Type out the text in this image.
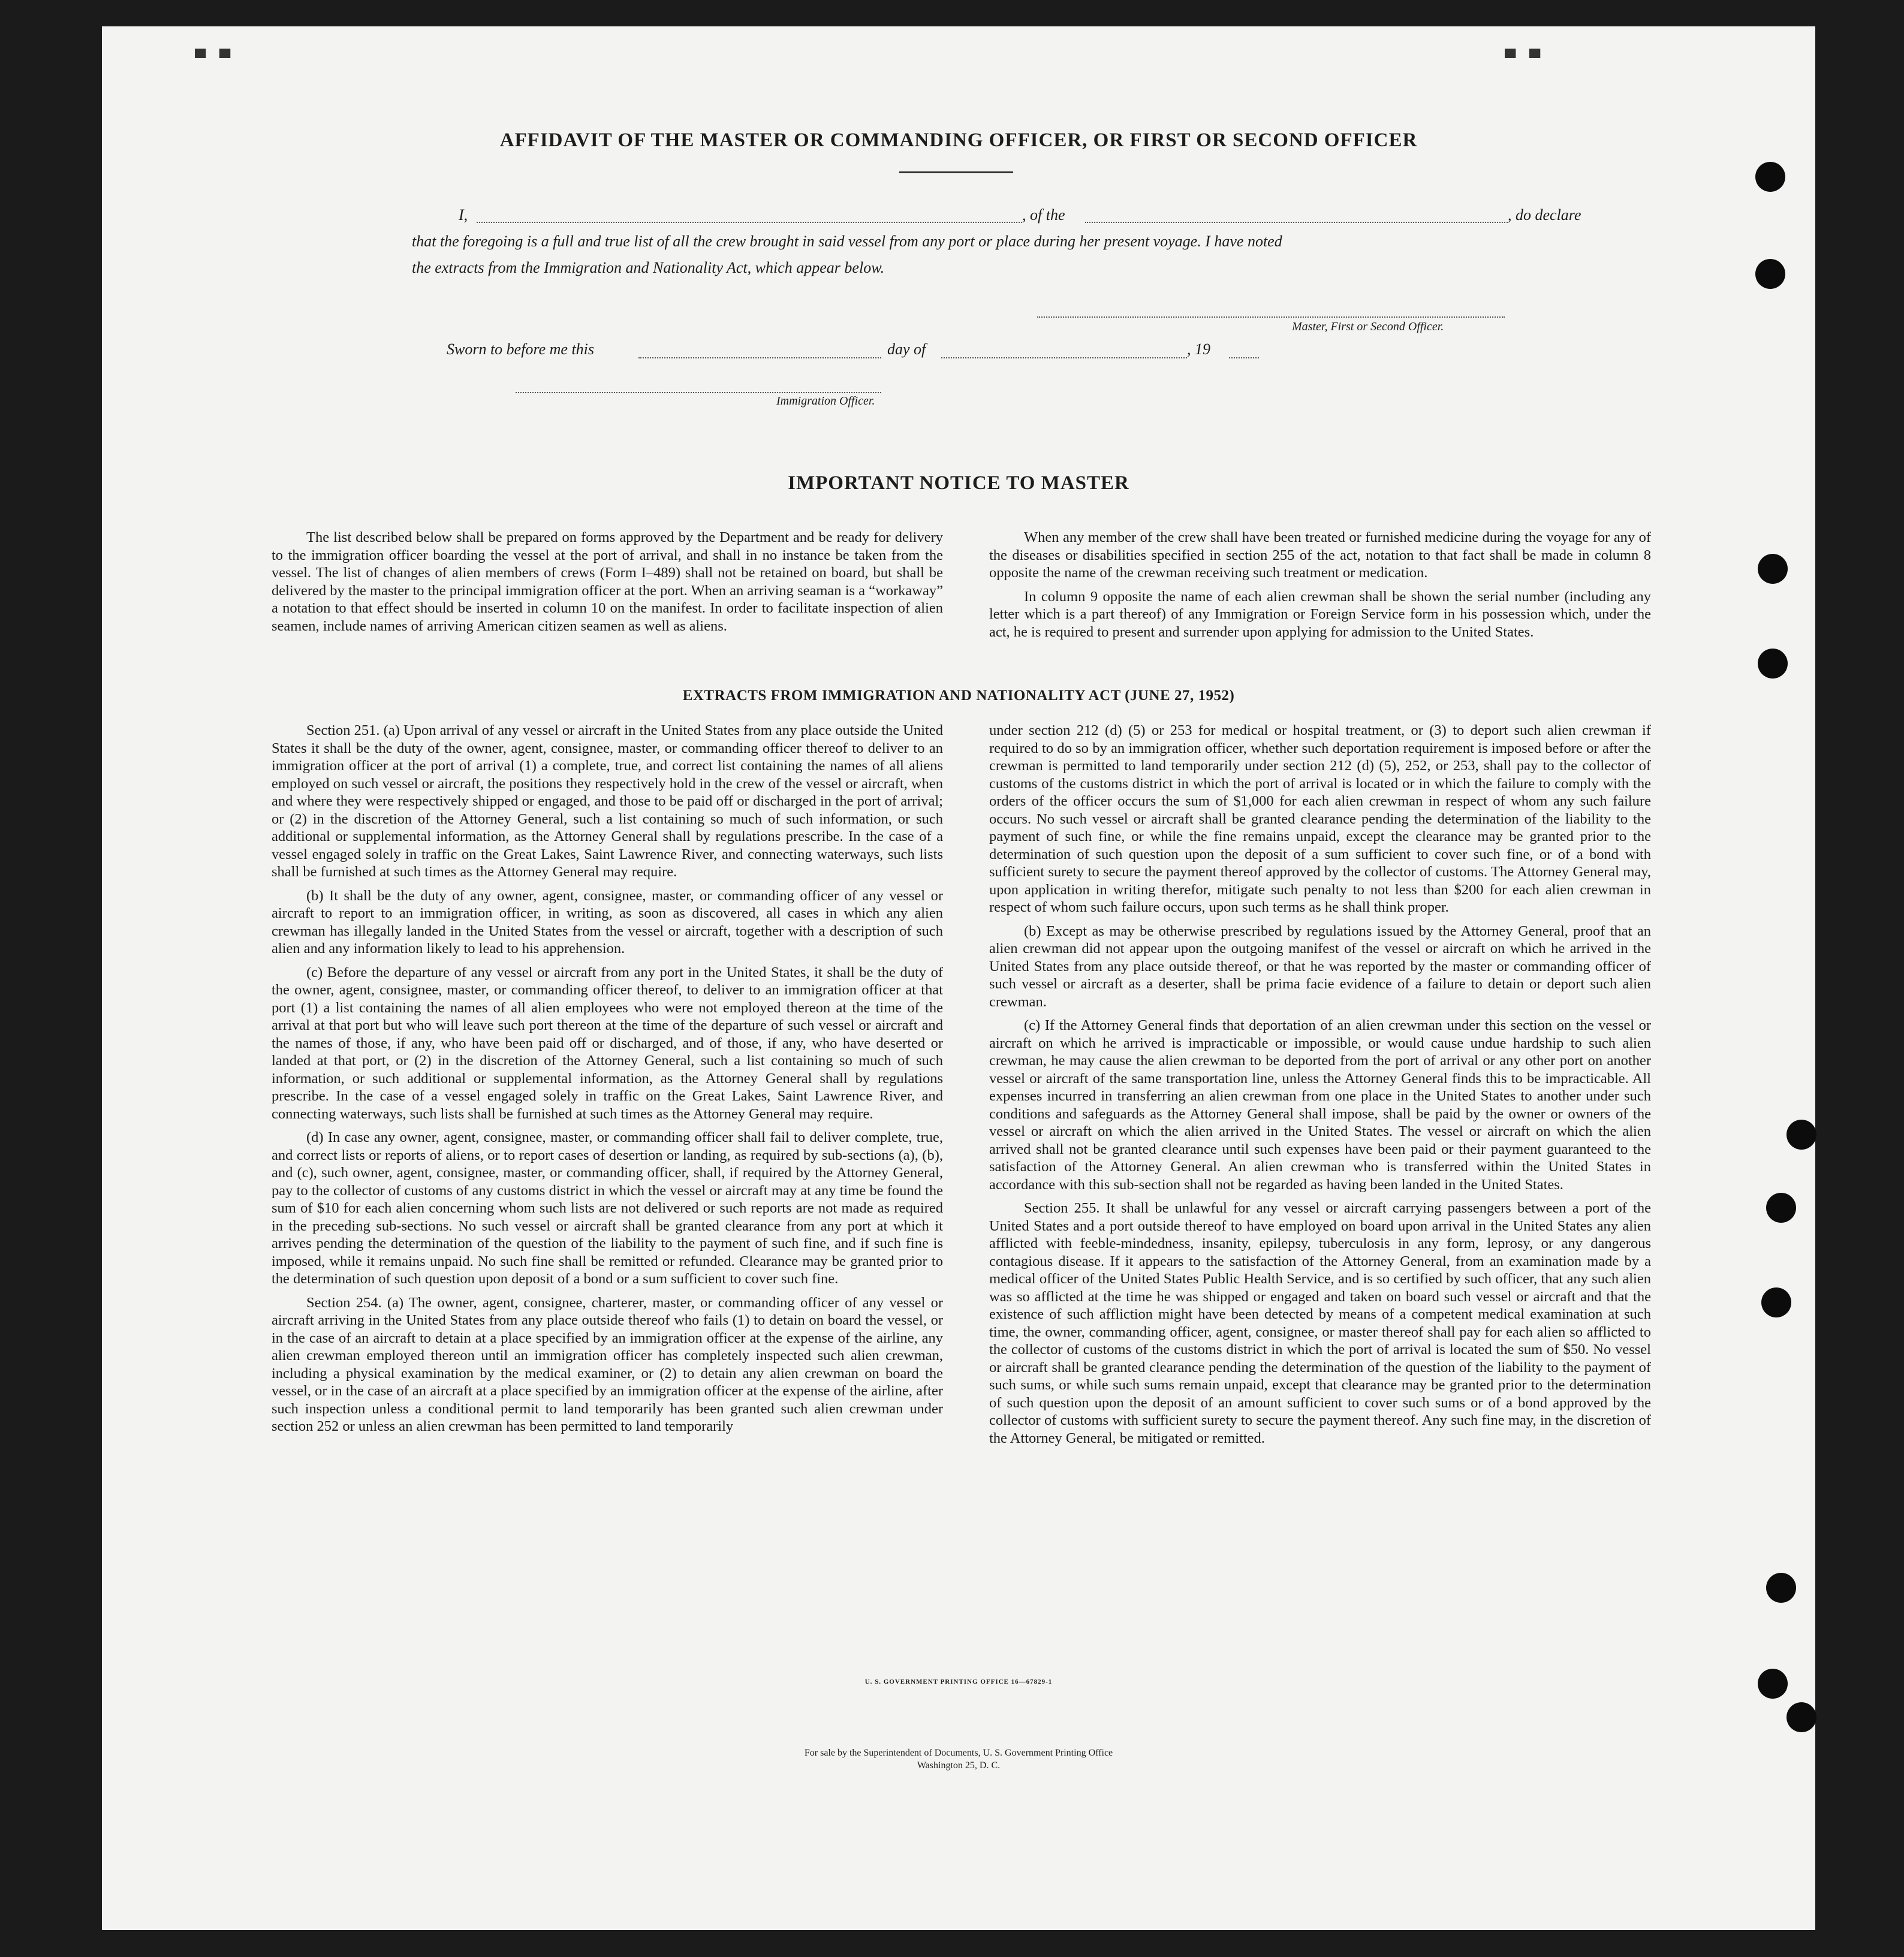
▀ ▀	▀ ▀
AFFIDAVIT OF THE MASTER OR COMMANDING OFFICER, OR FIRST OR SECOND OFFICER
I,	, of the	, do declare
that the foregoing is a full and true list of all the crew brought in said vessel from any port or place during her present voyage. I have noted
the extracts from the Immigration and Nationality Act, which appear below.
Master, First or Second Officer.
Sworn to before me this	day of	, 19
Immigration Officer.
IMPORTANT NOTICE TO MASTER

The list described below shall be prepared on forms approved by the Department and be ready for delivery to the immigration officer boarding the vessel at the port of arrival, and shall in no instance be taken from the vessel. The list of changes of alien members of crews (Form I–489) shall not be retained on board, but shall be delivered by the master to the principal immigration officer at the port. When an arriving seaman is a “workaway” a notation to that effect should be inserted in column 10 on the manifest. In order to facilitate inspection of alien seamen, include names of arriving American citizen seamen as well as aliens.

When any member of the crew shall have been treated or furnished medicine during the voyage for any of the diseases or disabilities specified in section 255 of the act, notation to that fact shall be made in column 8 opposite the name of the crewman receiving such treatment or medication.

In column 9 opposite the name of each alien crewman shall be shown the serial number (including any letter which is a part thereof) of any Immigration or Foreign Service form in his possession which, under the act, he is required to present and surrender upon applying for admission to the United States.

EXTRACTS FROM IMMIGRATION AND NATIONALITY ACT (JUNE 27, 1952)

Section 251. (a) Upon arrival of any vessel or aircraft in the United States from any place outside the United States it shall be the duty of the owner, agent, consignee, master, or commanding officer thereof to deliver to an immigration officer at the port of arrival (1) a complete, true, and correct list containing the names of all aliens employed on such vessel or aircraft, the positions they respectively hold in the crew of the vessel or aircraft, when and where they were respectively shipped or engaged, and those to be paid off or discharged in the port of arrival; or (2) in the discretion of the Attorney General, such a list containing so much of such information, or such additional or supplemental information, as the Attorney General shall by regulations prescribe. In the case of a vessel engaged solely in traffic on the Great Lakes, Saint Lawrence River, and connecting waterways, such lists shall be furnished at such times as the Attorney General may require.

(b) It shall be the duty of any owner, agent, consignee, master, or commanding officer of any vessel or aircraft to report to an immigration officer, in writing, as soon as discovered, all cases in which any alien crewman has illegally landed in the United States from the vessel or aircraft, together with a description of such alien and any information likely to lead to his apprehension.

(c) Before the departure of any vessel or aircraft from any port in the United States, it shall be the duty of the owner, agent, consignee, master, or commanding officer thereof, to deliver to an immigration officer at that port (1) a list containing the names of all alien employees who were not employed thereon at the time of the arrival at that port but who will leave such port thereon at the time of the departure of such vessel or aircraft and the names of those, if any, who have been paid off or discharged, and of those, if any, who have deserted or landed at that port, or (2) in the discretion of the Attorney General, such a list containing so much of such information, or such additional or supplemental information, as the Attorney General shall by regulations prescribe. In the case of a vessel engaged solely in traffic on the Great Lakes, Saint Lawrence River, and connecting waterways, such lists shall be furnished at such times as the Attorney General may require.

(d) In case any owner, agent, consignee, master, or commanding officer shall fail to deliver complete, true, and correct lists or reports of aliens, or to report cases of desertion or landing, as required by sub-sections (a), (b), and (c), such owner, agent, consignee, master, or commanding officer, shall, if required by the Attorney General, pay to the collector of customs of any customs district in which the vessel or aircraft may at any time be found the sum of $10 for each alien concerning whom such lists are not delivered or such reports are not made as required in the preceding sub-sections. No such vessel or aircraft shall be granted clearance from any port at which it arrives pending the determination of the question of the liability to the payment of such fine, and if such fine is imposed, while it remains unpaid. No such fine shall be remitted or refunded. Clearance may be granted prior to the determination of such question upon deposit of a bond or a sum sufficient to cover such fine.

Section 254. (a) The owner, agent, consignee, charterer, master, or commanding officer of any vessel or aircraft arriving in the United States from any place outside thereof who fails (1) to detain on board the vessel, or in the case of an aircraft to detain at a place specified by an immigration officer at the expense of the airline, any alien crewman employed thereon until an immigration officer has completely inspected such alien crewman, including a physical examination by the medical examiner, or (2) to detain any alien crewman on board the vessel, or in the case of an aircraft at a place specified by an immigration officer at the expense of the airline, after such inspection unless a conditional permit to land temporarily has been granted such alien crewman under section 252 or unless an alien crewman has been permitted to land temporarily

under section 212 (d) (5) or 253 for medical or hospital treatment, or (3) to deport such alien crewman if required to do so by an immigration officer, whether such deportation requirement is imposed before or after the crewman is permitted to land temporarily under section 212 (d) (5), 252, or 253, shall pay to the collector of customs of the customs district in which the port of arrival is located or in which the failure to comply with the orders of the officer occurs the sum of $1,000 for each alien crewman in respect of whom any such failure occurs. No such vessel or aircraft shall be granted clearance pending the determination of the liability to the payment of such fine, or while the fine remains unpaid, except the clearance may be granted prior to the determination of such question upon the deposit of a sum sufficient to cover such fine, or of a bond with sufficient surety to secure the payment thereof approved by the collector of customs. The Attorney General may, upon application in writing therefor, mitigate such penalty to not less than $200 for each alien crewman in respect of whom such failure occurs, upon such terms as he shall think proper.

(b) Except as may be otherwise prescribed by regulations issued by the Attorney General, proof that an alien crewman did not appear upon the outgoing manifest of the vessel or aircraft on which he arrived in the United States from any place outside thereof, or that he was reported by the master or commanding officer of such vessel or aircraft as a deserter, shall be prima facie evidence of a failure to detain or deport such alien crewman.

(c) If the Attorney General finds that deportation of an alien crewman under this section on the vessel or aircraft on which he arrived is impracticable or impossible, or would cause undue hardship to such alien crewman, he may cause the alien crewman to be deported from the port of arrival or any other port on another vessel or aircraft of the same transportation line, unless the Attorney General finds this to be impracticable. All expenses incurred in transferring an alien crewman from one place in the United States to another under such conditions and safeguards as the Attorney General shall impose, shall be paid by the owner or owners of the vessel or aircraft on which the alien arrived in the United States. The vessel or aircraft on which the alien arrived shall not be granted clearance until such expenses have been paid or their payment guaranteed to the satisfaction of the Attorney General. An alien crewman who is transferred within the United States in accordance with this sub-section shall not be regarded as having been landed in the United States.

Section 255. It shall be unlawful for any vessel or aircraft carrying passengers between a port of the United States and a port outside thereof to have employed on board upon arrival in the United States any alien afflicted with feeble-mindedness, insanity, epilepsy, tuberculosis in any form, leprosy, or any dangerous contagious disease. If it appears to the satisfaction of the Attorney General, from an examination made by a medical officer of the United States Public Health Service, and is so certified by such officer, that any such alien was so afflicted at the time he was shipped or engaged and taken on board such vessel or aircraft and that the existence of such affliction might have been detected by means of a competent medical examination at such time, the owner, commanding officer, agent, consignee, or master thereof shall pay for each alien so afflicted to the collector of customs of the customs district in which the port of arrival is located the sum of $50. No vessel or aircraft shall be granted clearance pending the determination of the question of the liability to the payment of such sums, or while such sums remain unpaid, except that clearance may be granted prior to the determination of such question upon the deposit of an amount sufficient to cover such sums or of a bond approved by the collector of customs with sufficient surety to secure the payment thereof. Any such fine may, in the discretion of the Attorney General, be mitigated or remitted.

U. S. GOVERNMENT PRINTING OFFICE 16—67829-1
For sale by the Superintendent of Documents, U. S. Government Printing Office
Washington 25, D. C.
